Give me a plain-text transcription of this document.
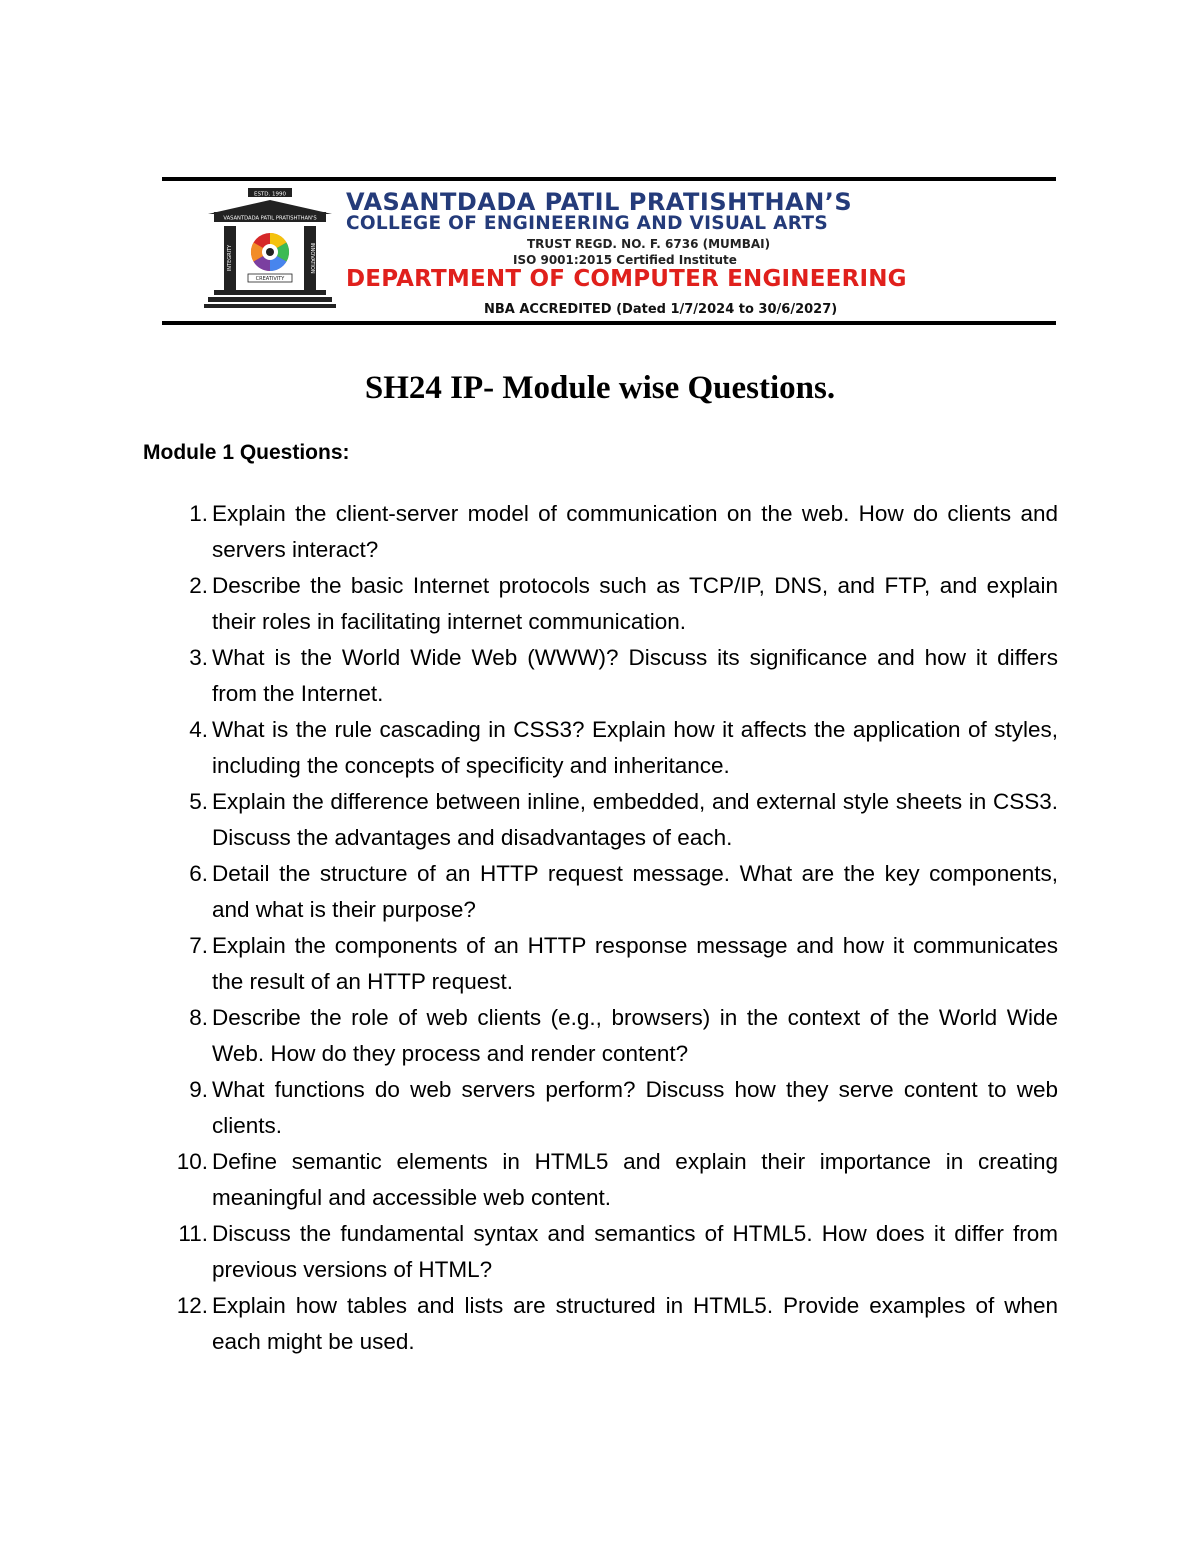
ESTD. 1990
VASANTDADA PATIL PRATISHTHAN'S
INTEGRITY	INNOVATION
CREATIVITY
VASANTDADA PATIL PRATISHTHAN’S
COLLEGE OF ENGINEERING AND VISUAL ARTS
TRUST REGD. NO. F. 6736 (MUMBAI)
ISO 9001:2015 Certified Institute
DEPARTMENT OF COMPUTER ENGINEERING
NBA ACCREDITED (Dated 1/7/2024 to 30/6/2027)
SH24 IP- Module wise Questions.
Module 1 Questions:
1. Explain the client-server model of communication on the web. How do clients and servers interact?
2. Describe the basic Internet protocols such as TCP/IP, DNS, and FTP, and explain their roles in facilitating internet communication.
3. What is the World Wide Web (WWW)? Discuss its significance and how it differs from the Internet.
4. What is the rule cascading in CSS3? Explain how it affects the application of styles, including the concepts of specificity and inheritance.
5. Explain the difference between inline, embedded, and external style sheets in CSS3. Discuss the advantages and disadvantages of each.
6. Detail the structure of an HTTP request message. What are the key components, and what is their purpose?
7. Explain the components of an HTTP response message and how it communicates the result of an HTTP request.
8. Describe the role of web clients (e.g., browsers) in the context of the World Wide Web. How do they process and render content?
9. What functions do web servers perform? Discuss how they serve content to web clients.
10. Define semantic elements in HTML5 and explain their importance in creating meaningful and accessible web content.
11. Discuss the fundamental syntax and semantics of HTML5. How does it differ from previous versions of HTML?
12. Explain how tables and lists are structured in HTML5. Provide examples of when each might be used.
